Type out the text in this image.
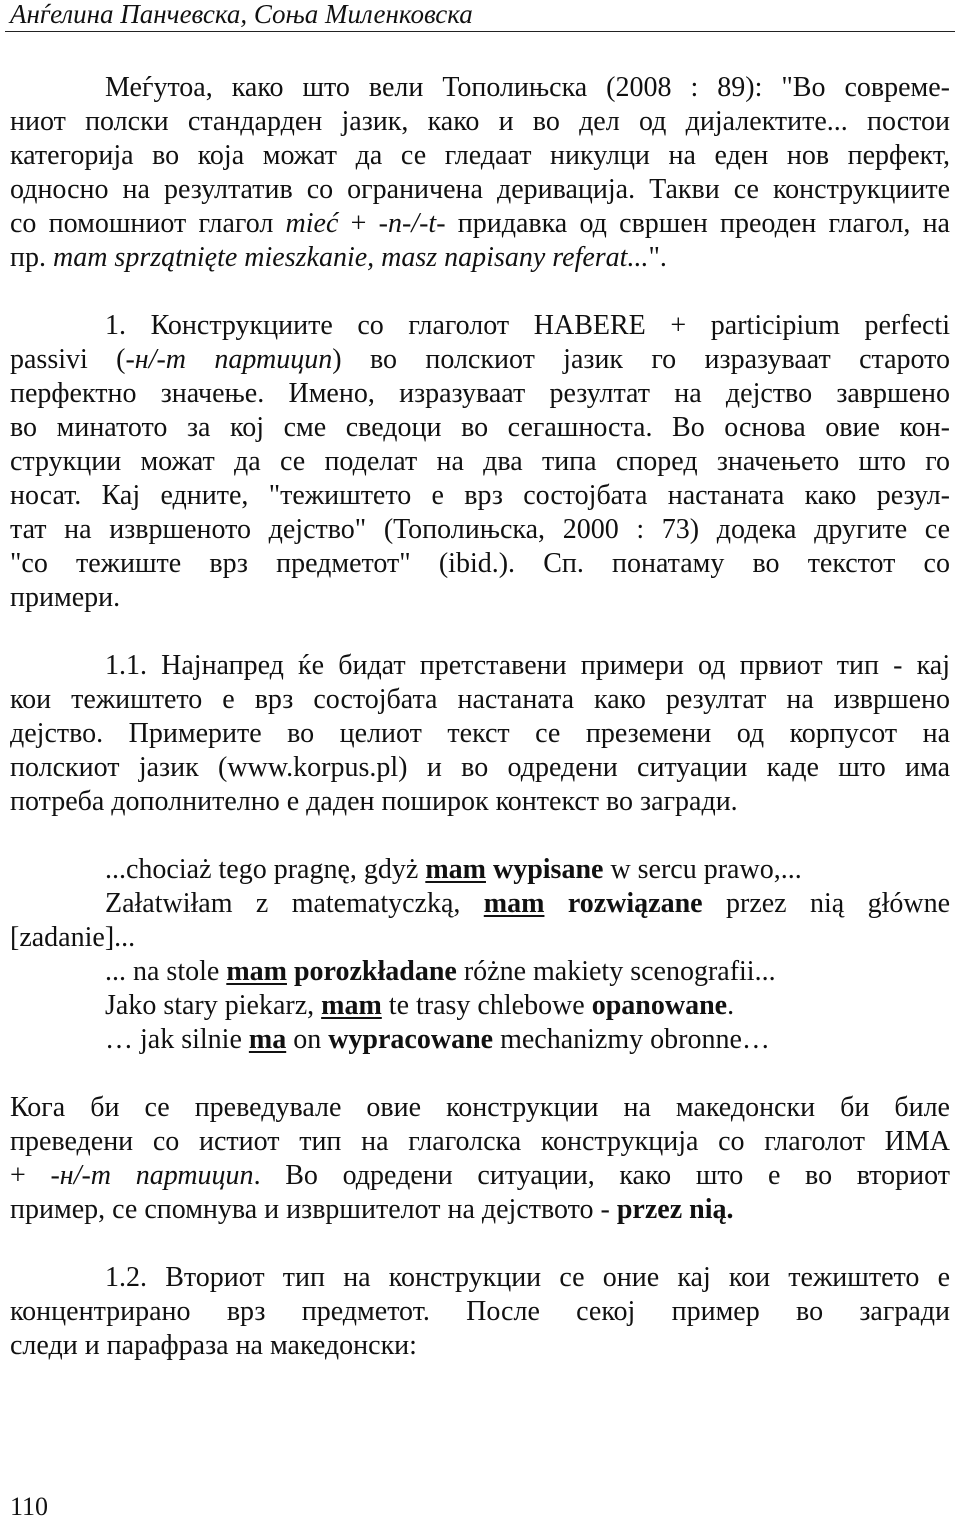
Анѓелина Панчевска, Соња Миленковска
Меѓутоа, како што вели Тополињска (2008 : 89): "Во совреме-
ниот полски стандарден јазик, како и во дел од дијалектите... постои
категорија во која можат да се гледаат никулци на еден нов перфект,
односно на резултатив со ограничена деривација. Такви се конструкциите
со помошниот глагол mieć + -n-/-t- придавка од свршен преоден глагол, на
пр. mam sprzątnięte mieszkanie, masz napisany referat...".
1. Конструкциите со глаголот HABERE + participium perfecti
passivi (-н/-т партицип) во полскиот јазик го изразуваат старото
перфектно значење. Имено, изразуваат резултат на дејство завршено
во минатото за кој сме сведоци во сегашноста. Во основа овие кон-
струкции можат да се поделат на два типа според значењето што го
носат. Кај едните, "тежиштето е врз состојбата настаната како резул-
тат на извршеното дејство" (Тополињска, 2000 : 73) додека другите се
"со тежиште врз предметот" (ibid.). Сп. понатаму во текстот со
примери.
1.1. Најнапред ќе бидат претставени примери од првиот тип - кај
кои тежиштето е врз состојбата настаната како резултат на извршено
дејство. Примерите во целиот текст се преземени од корпусот на
полскиот јазик (www.korpus.pl) и во одредени ситуации каде што има
потреба дополнително е даден поширок контекст во загради.
...chociaż tego pragnę, gdyż mam wypisane w sercu prawo,...
Załatwiłam z matematyczką, mam rozwiązane przez nią główne
[zadanie]...
... na stole mam porozkładane różne makiety scenografii...
Jako stary piekarz, mam te trasy chlebowe opanowane.
… jak silnie ma on wypracowane mechanizmy obronne…
Кога би се преведувале овие конструкции на македонски би биле
преведени со истиот тип на глаголска конструкција со глаголот ИМА
+ -н/-т партицип. Во одредени ситуации, како што е во вториот
пример, се спомнува и извршителот на дејството - przez nią.
1.2. Вториот тип на конструкции се оние кај кои тежиштето е
концентрирано врз предметот. После секој пример во загради
следи и парафраза на македонски:
110
